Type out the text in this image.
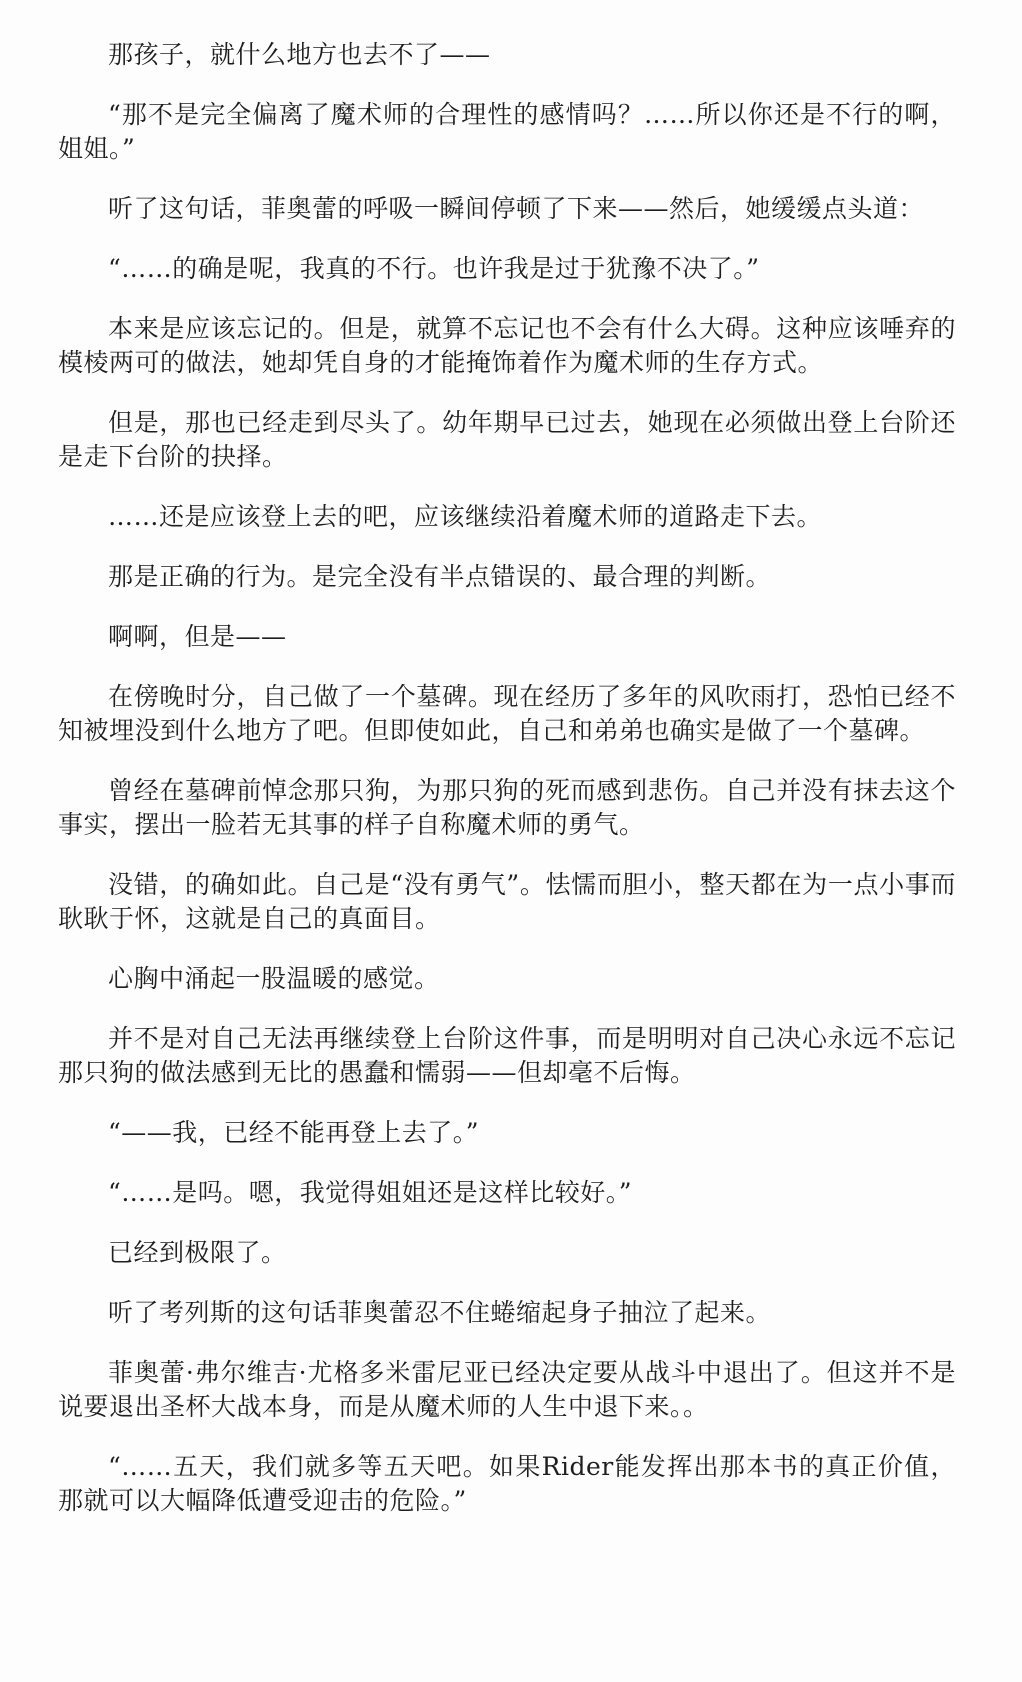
那孩子，就什么地方也去不了——

“那不是完全偏离了魔术师的合理性的感情吗？……所以你还是不行的啊，姐姐。”

听了这句话，菲奥蕾的呼吸一瞬间停顿了下来——然后，她缓缓点头道：

“……的确是呢，我真的不行。也许我是过于犹豫不决了。”

本来是应该忘记的。但是，就算不忘记也不会有什么大碍。这种应该唾弃的模棱两可的做法，她却凭自身的才能掩饰着作为魔术师的生存方式。

但是，那也已经走到尽头了。幼年期早已过去，她现在必须做出登上台阶还是走下台阶的抉择。

……还是应该登上去的吧，应该继续沿着魔术师的道路走下去。

那是正确的行为。是完全没有半点错误的、最合理的判断。

啊啊，但是——

在傍晚时分，自己做了一个墓碑。现在经历了多年的风吹雨打，恐怕已经不知被埋没到什么地方了吧。但即使如此，自己和弟弟也确实是做了一个墓碑。

曾经在墓碑前悼念那只狗，为那只狗的死而感到悲伤。自己并没有抹去这个事实，摆出一脸若无其事的样子自称魔术师的勇气。

没错，的确如此。自己是“没有勇气”。怯懦而胆小，整天都在为一点小事而耿耿于怀，这就是自己的真面目。

心胸中涌起一股温暖的感觉。

并不是对自己无法再继续登上台阶这件事，而是明明对自己决心永远不忘记那只狗的做法感到无比的愚蠢和懦弱——但却毫不后悔。

“——我，已经不能再登上去了。”

“……是吗。嗯，我觉得姐姐还是这样比较好。”

已经到极限了。

听了考列斯的这句话菲奥蕾忍不住蜷缩起身子抽泣了起来。

菲奥蕾·弗尔维吉·尤格多米雷尼亚已经决定要从战斗中退出了。但这并不是说要退出圣杯大战本身，而是从魔术师的人生中退下来。。

“……五天，我们就多等五天吧。如果Rider能发挥出那本书的真正价值，那就可以大幅降低遭受迎击的危险。”
